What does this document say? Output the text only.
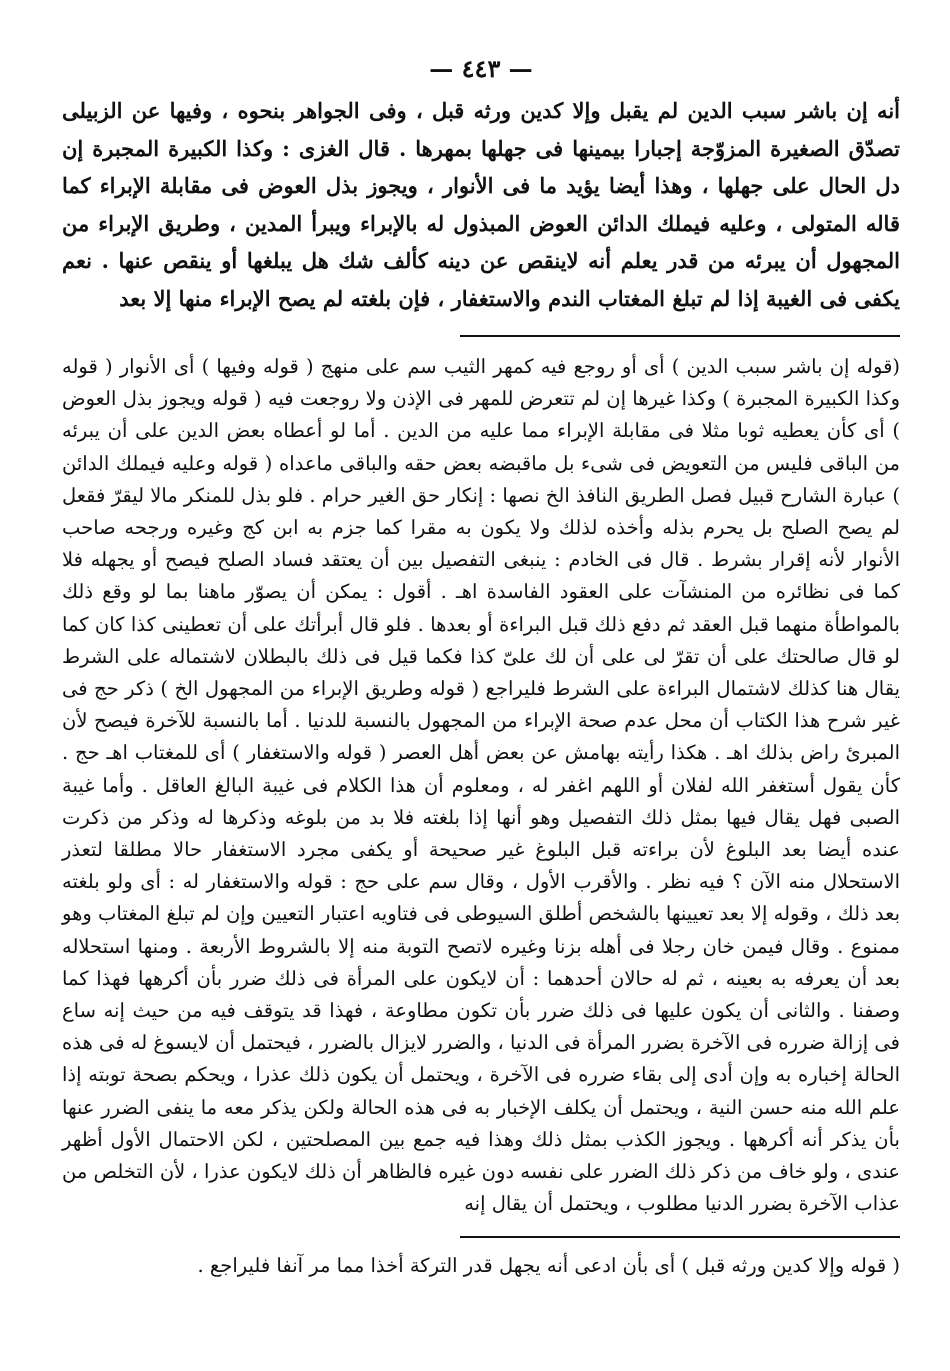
— ٤٤٣ —
أنه إن باشر سبب الدين لم يقبل وإلا كدين ورثه قبل ، وفى الجواهر بنحوه ، وفيها عن الزبيلى تصدّق الصغيرة المزوّجة إجبارا بيمينها فى جهلها بمهرها . قال الغزى : وكذا الكبيرة المجبرة إن دل الحال على جهلها ، وهذا أيضا يؤيد ما فى الأنوار ، ويجوز بذل العوض فى مقابلة الإبراء كما قاله المتولى ، وعليه فيملك الدائن العوض المبذول له بالإبراء ويبرأ المدين ، وطريق الإبراء من المجهول أن يبرئه من قدر يعلم أنه لاينقص عن دينه كألف شك هل يبلغها أو ينقص عنها . نعم يكفى فى الغيبة إذا لم تبلغ المغتاب الندم والاستغفار ، فإن بلغته لم يصح الإبراء منها إلا بعد
(قوله إن باشر سبب الدين ) أى أو روجع فيه كمهر الثيب سم على منهج ( قوله وفيها ) أى الأنوار ( قوله وكذا الكبيرة المجبرة ) وكذا غيرها إن لم تتعرض للمهر فى الإذن ولا روجعت فيه ( قوله ويجوز بذل العوض ) أى كأن يعطيه ثوبا مثلا فى مقابلة الإبراء مما عليه من الدين . أما لو أعطاه بعض الدين على أن يبرئه من الباقى فليس من التعويض فى شىء بل ماقبضه بعض حقه والباقى ماعداه ( قوله وعليه فيملك الدائن ) عبارة الشارح قبيل فصل الطريق النافذ الخ نصها : إنكار حق الغير حرام . فلو بذل للمنكر مالا ليقرّ فقعل لم يصح الصلح بل يحرم بذله وأخذه لذلك ولا يكون به مقرا كما جزم به ابن كج وغيره ورجحه صاحب الأنوار لأنه إقرار بشرط . قال فى الخادم : ينبغى التفصيل بين أن يعتقد فساد الصلح فيصح أو يجهله فلا كما فى نظائره من المنشآت على العقود الفاسدة اهـ . أقول : يمكن أن يصوّر ماهنا بما لو وقع ذلك بالمواطأة منهما قبل العقد ثم دفع ذلك قبل البراءة أو بعدها . فلو قال أبرأتك على أن تعطينى كذا كان كما لو قال صالحتك على أن تقرّ لى على أن لك علىّ كذا فكما قيل فى ذلك بالبطلان لاشتماله على الشرط يقال هنا كذلك لاشتمال البراءة على الشرط فليراجع ( قوله وطريق الإبراء من المجهول الخ ) ذكر حج فى غير شرح هذا الكتاب أن محل عدم صحة الإبراء من المجهول بالنسبة للدنيا . أما بالنسبة للآخرة فيصح لأن المبرئ راض بذلك اهـ . هكذا رأيته بهامش عن بعض أهل العصر ( قوله والاستغفار ) أى للمغتاب اهـ حج . كأن يقول أستغفر الله لفلان أو اللهم اغفر له ، ومعلوم أن هذا الكلام فى غيبة البالغ العاقل . وأما غيبة الصبى فهل يقال فيها بمثل ذلك التفصيل وهو أنها إذا بلغته فلا بد من بلوغه وذكرها له وذكر من ذكرت عنده أيضا بعد البلوغ لأن براءته قبل البلوغ غير صحيحة أو يكفى مجرد الاستغفار حالا مطلقا لتعذر الاستحلال منه الآن ؟ فيه نظر . والأقرب الأول ، وقال سم على حج : قوله والاستغفار له : أى ولو بلغته بعد ذلك ، وقوله إلا بعد تعيينها بالشخص أطلق السيوطى فى فتاويه اعتبار التعيين وإن لم تبلغ المغتاب وهو ممنوع . وقال فيمن خان رجلا فى أهله بزنا وغيره لاتصح التوبة منه إلا بالشروط الأربعة . ومنها استحلاله بعد أن يعرفه به بعينه ، ثم له حالان أحدهما : أن لايكون على المرأة فى ذلك ضرر بأن أكرهها فهذا كما وصفنا . والثانى أن يكون عليها فى ذلك ضرر بأن تكون مطاوعة ، فهذا قد يتوقف فيه من حيث إنه ساع فى إزالة ضرره فى الآخرة بضرر المرأة فى الدنيا ، والضرر لايزال بالضرر ، فيحتمل أن لايسوغ له فى هذه الحالة إخباره به وإن أدى إلى بقاء ضرره فى الآخرة ، ويحتمل أن يكون ذلك عذرا ، ويحكم بصحة توبته إذا علم الله منه حسن النية ، ويحتمل أن يكلف الإخبار به فى هذه الحالة ولكن يذكر معه ما ينفى الضرر عنها بأن يذكر أنه أكرهها . ويجوز الكذب بمثل ذلك وهذا فيه جمع بين المصلحتين ، لكن الاحتمال الأول أظهر عندى ، ولو خاف من ذكر ذلك الضرر على نفسه دون غيره فالظاهر أن ذلك لايكون عذرا ، لأن التخلص من عذاب الآخرة بضرر الدنيا مطلوب ، ويحتمل أن يقال إنه
( قوله وإلا كدين ورثه قبل ) أى بأن ادعى أنه يجهل قدر التركة أخذا مما مر آنفا فليراجع .
